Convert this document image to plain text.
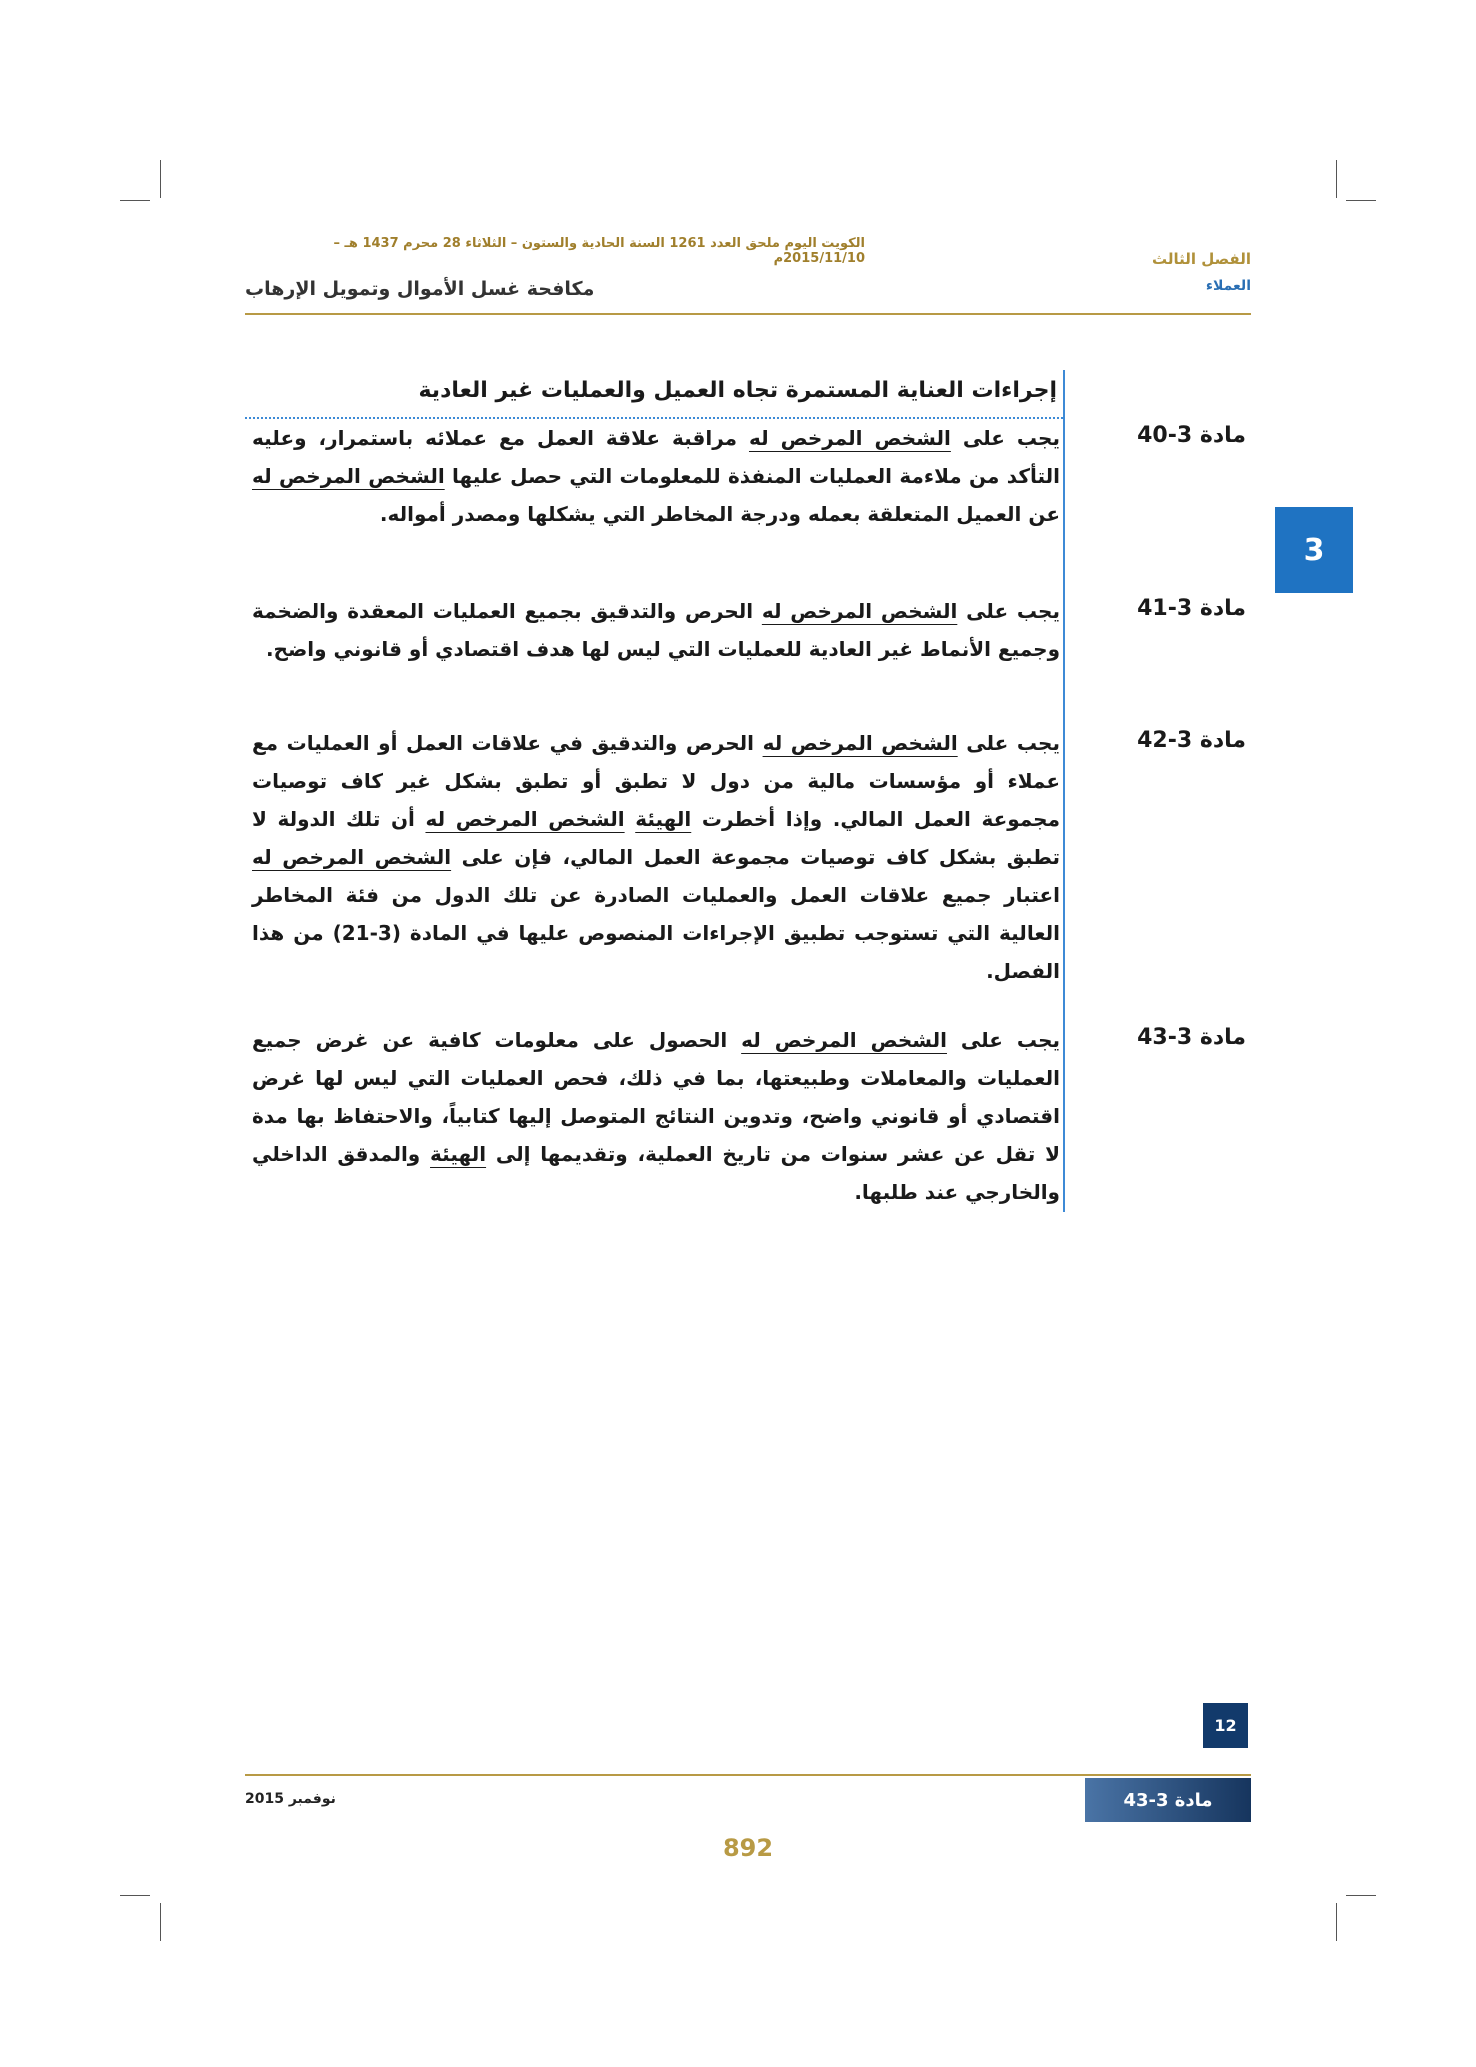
الكويت اليوم ملحق العدد 1261 السنة الحادية والستون – الثلاثاء 28 محرم 1437 هـ – 2015/11/10م	الفصل الثالث
العملاء
مكافحة غسل الأموال وتمويل الإرهاب
3
إجراءات العناية المستمرة تجاه العميل والعمليات غير العادية
مادة 3-40
يجب على الشخص المرخص له مراقبة علاقة العمل مع عملائه باستمرار، وعليه التأكد من ملاءمة العمليات المنفذة للمعلومات التي حصل عليها الشخص المرخص له عن العميل المتعلقة بعمله ودرجة المخاطر التي يشكلها ومصدر أمواله.
مادة 3-41
يجب على الشخص المرخص له الحرص والتدقيق بجميع العمليات المعقدة والضخمة وجميع الأنماط غير العادية للعمليات التي ليس لها هدف اقتصادي أو قانوني واضح.
مادة 3-42
يجب على الشخص المرخص له الحرص والتدقيق في علاقات العمل أو العمليات مع عملاء أو مؤسسات مالية من دول لا تطبق أو تطبق بشكل غير كاف توصيات مجموعة العمل المالي. وإذا أخطرت الهيئة الشخص المرخص له أن تلك الدولة لا تطبق بشكل كاف توصيات مجموعة العمل المالي، فإن على الشخص المرخص له اعتبار جميع علاقات العمل والعمليات الصادرة عن تلك الدول من فئة المخاطر العالية التي تستوجب تطبيق الإجراءات المنصوص عليها في المادة (3-21) من هذا الفصل.
مادة 3-43
يجب على الشخص المرخص له الحصول على معلومات كافية عن غرض جميع العمليات والمعاملات وطبيعتها، بما في ذلك، فحص العمليات التي ليس لها غرض اقتصادي أو قانوني واضح، وتدوين النتائج المتوصل إليها كتابياً، والاحتفاظ بها مدة لا تقل عن عشر سنوات من تاريخ العملية، وتقديمها إلى الهيئة والمدقق الداخلي والخارجي عند طلبها.
12
نوفمبر 2015	مادة 3-43
892
